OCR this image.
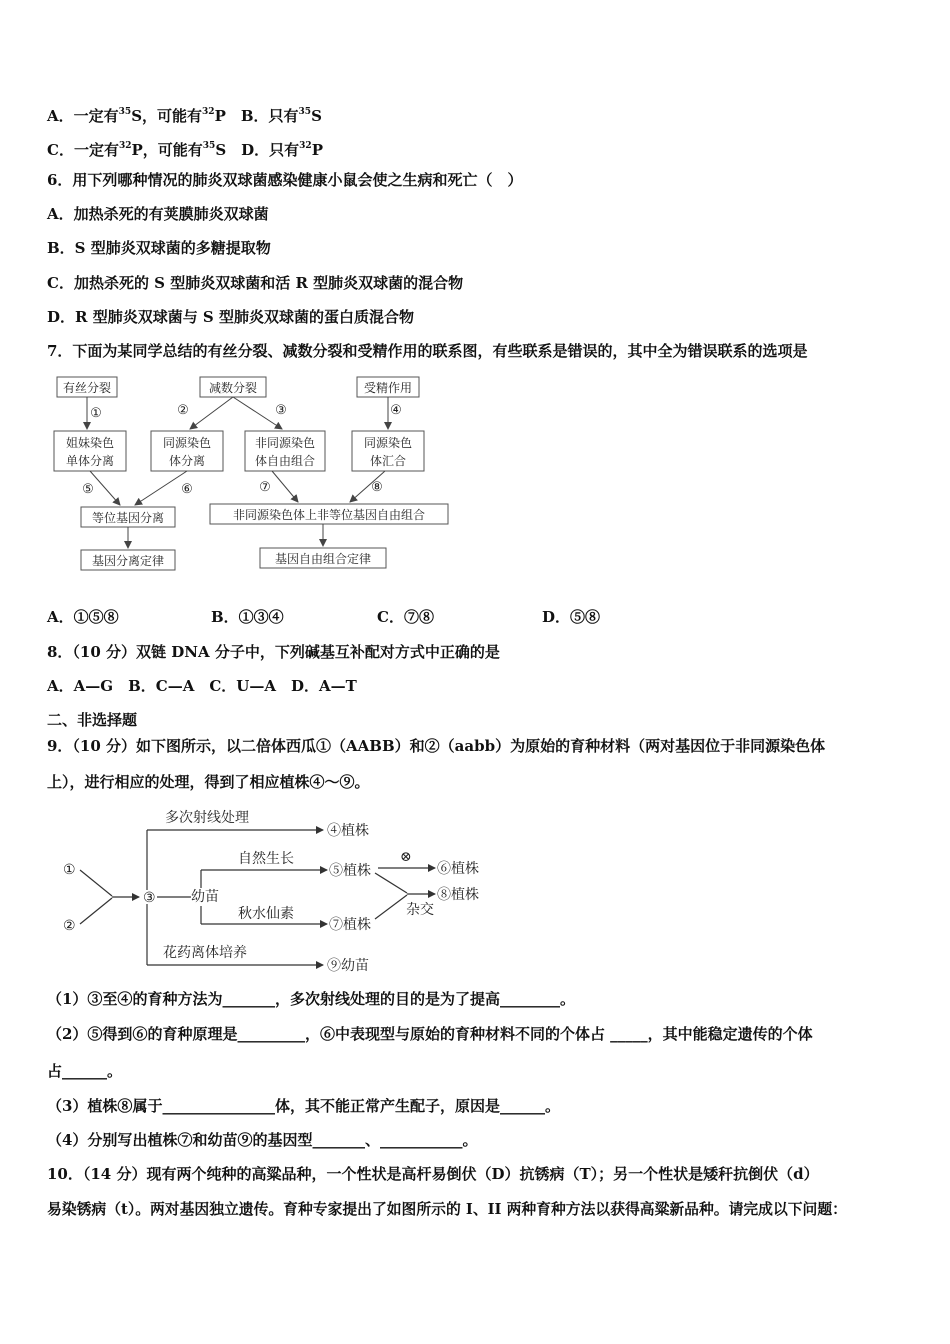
A．一定有$^{35}$S，可能有$^{32}$P　B．只有$^{35}$S
C．一定有$^{32}$P，可能有$^{35}$S　D．只有$^{32}$P
6．用下列哪种情况的肺炎双球菌感染健康小鼠会使之生病和死亡（　）
A．加热杀死的有荚膜肺炎双球菌
B．S 型肺炎双球菌的多糖提取物
C．加热杀死的 S 型肺炎双球菌和活 R 型肺炎双球菌的混合物
D．R 型肺炎双球菌与 S 型肺炎双球菌的蛋白质混合物
7．下面为某同学总结的有丝分裂、减数分裂和受精作用的联系图，有些联系是错误的，其中全为错误联系的选项是
有丝分裂	减数分裂	受精作用
姐妹染色
单体分离
同源染色
体分离
非同源染色
体自由组合
同源染色
体汇合
等位基因分离	非同源染色体上非等位基因自由组合
基因分离定律	基因自由组合定律
①	②	③	④
⑤	⑥	⑦	⑧
A．①⑤⑧	B．①③④	C．⑦⑧	D．⑤⑧
8．（10 分）双链 DNA 分子中，下列碱基互补配对方式中正确的是
A．A—G　B．C—A　C．U—A　D．A—T
二、非选择题
9．（10 分）如下图所示，以二倍体西瓜①（AABB）和②（aabb）为原始的育种材料（两对基因位于非同源染色体
上），进行相应的处理，得到了相应植株④～⑨。
①
②
③	幼苗
多次射线处理
自然生长
秋水仙素
花药离体培养
④植株
⑤植株	⑥植株
⑧植株
⑦植株
⑨幼苗
⊗
杂交
（1）③至④的育种方法为_______，多次射线处理的目的是为了提高________。
（2）⑤得到⑥的育种原理是_________，⑥中表现型与原始的育种材料不同的个体占 _____，其中能稳定遗传的个体
占______。
（3）植株⑧属于_______________体，其不能正常产生配子，原因是______。
（4）分别写出植株⑦和幼苗⑨的基因型_______、___________。
10．（14 分）现有两个纯种的高粱品种，一个性状是高杆易倒伏（D）抗锈病（T）；另一个性状是矮秆抗倒伏（d）
易染锈病（t）。两对基因独立遗传。育种专家提出了如图所示的 I、II 两种育种方法以获得高粱新品种。请完成以下问题：
